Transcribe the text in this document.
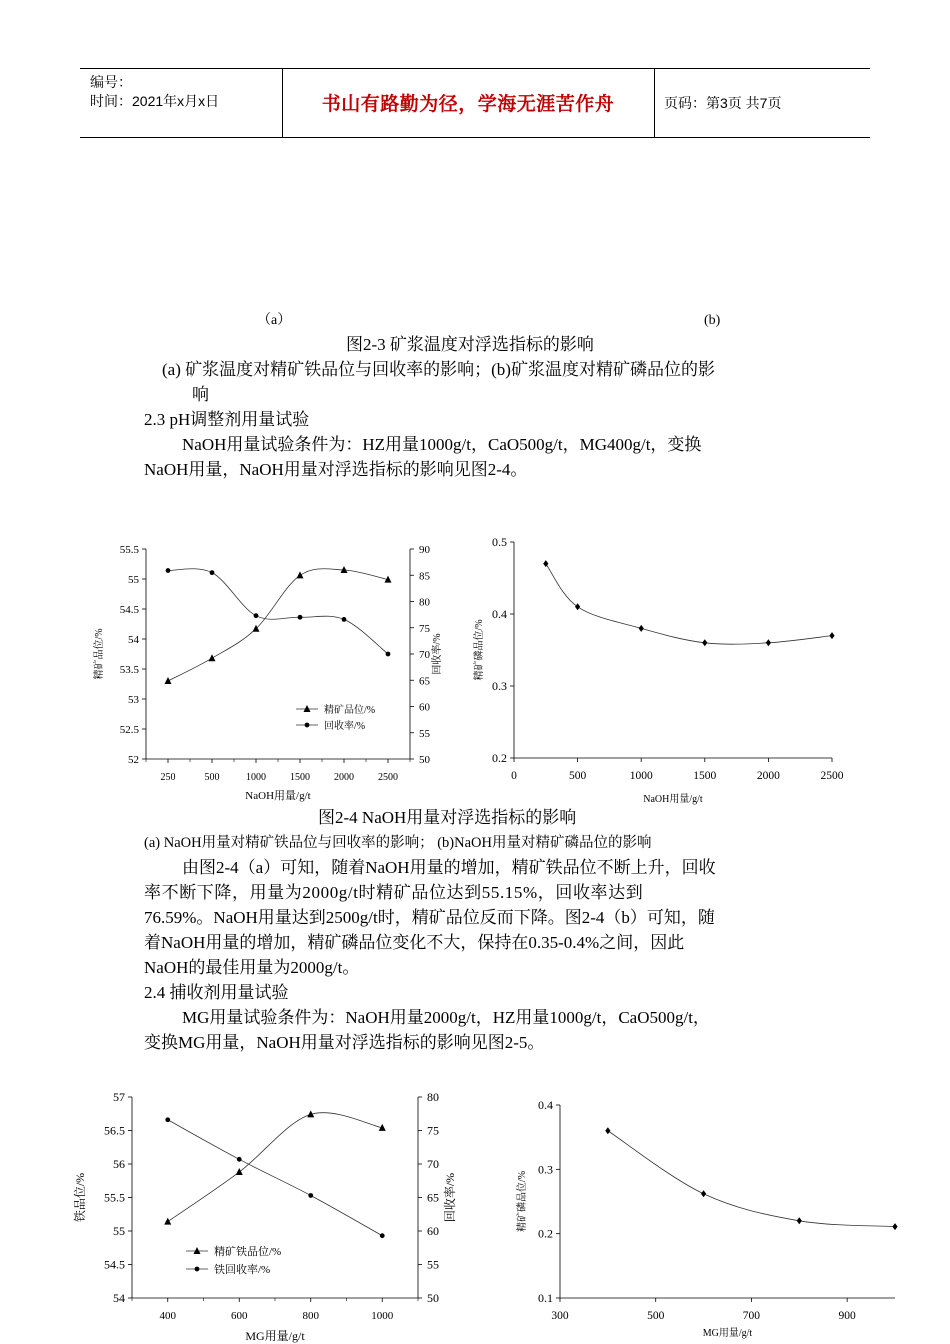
编号：
时间：2021年x月x日	书山有路勤为径，学海无涯苦作舟	页码：第3页 共7页
（a）	(b)
图2-3 矿浆温度对浮选指标的影响
(a) 矿浆温度对精矿铁品位与回收率的影响；(b)矿浆温度对精矿磷品位的影
响
2.3 pH调整剂用量试验
NaOH用量试验条件为：HZ用量1000g/t，CaO500g/t，MG400g/t，变换
NaOH用量，NaOH用量对浮选指标的影响见图2-4。
52
52.5
53
53.5
54
54.5
55
55.5
50
55
60
65
70
75
80
85
90
250	500	1000 1500 2000 2500
NaOH用量/g/t
精矿品位/%	回收率/%
精矿品位/%
回收率/%
0.2
0.3
0.4
0.5
0	500	1000	1500	2000	2500
NaOH用量/g/t
精矿磷品位/%
图2-4 NaOH用量对浮选指标的影响
(a) NaOH用量对精矿铁品位与回收率的影响； (b)NaOH用量对精矿磷品位的影响
由图2-4（a）可知，随着NaOH用量的增加，精矿铁品位不断上升，回收
率不断下降，用量为2000g/t时精矿品位达到55.15%，回收率达到
76.59%。NaOH用量达到2500g/t时，精矿品位反而下降。图2-4（b）可知，随
着NaOH用量的增加，精矿磷品位变化不大，保持在0.35-0.4%之间，因此
NaOH的最佳用量为2000g/t。
2.4 捕收剂用量试验
MG用量试验条件为：NaOH用量2000g/t，HZ用量1000g/t，CaO500g/t，
变换MG用量，NaOH用量对浮选指标的影响见图2-5。
54
54.5
55
55.5
56
56.5
57
50
55
60
65
70
75
80
400	600	800	1000
MG用量/g/t
铁品位/%	回收率/%
精矿铁品位/%
铁回收率/%
0.1
0.2
0.3
0.4
300	500	700	900
MG用量/g/t
精矿磷品位/%
